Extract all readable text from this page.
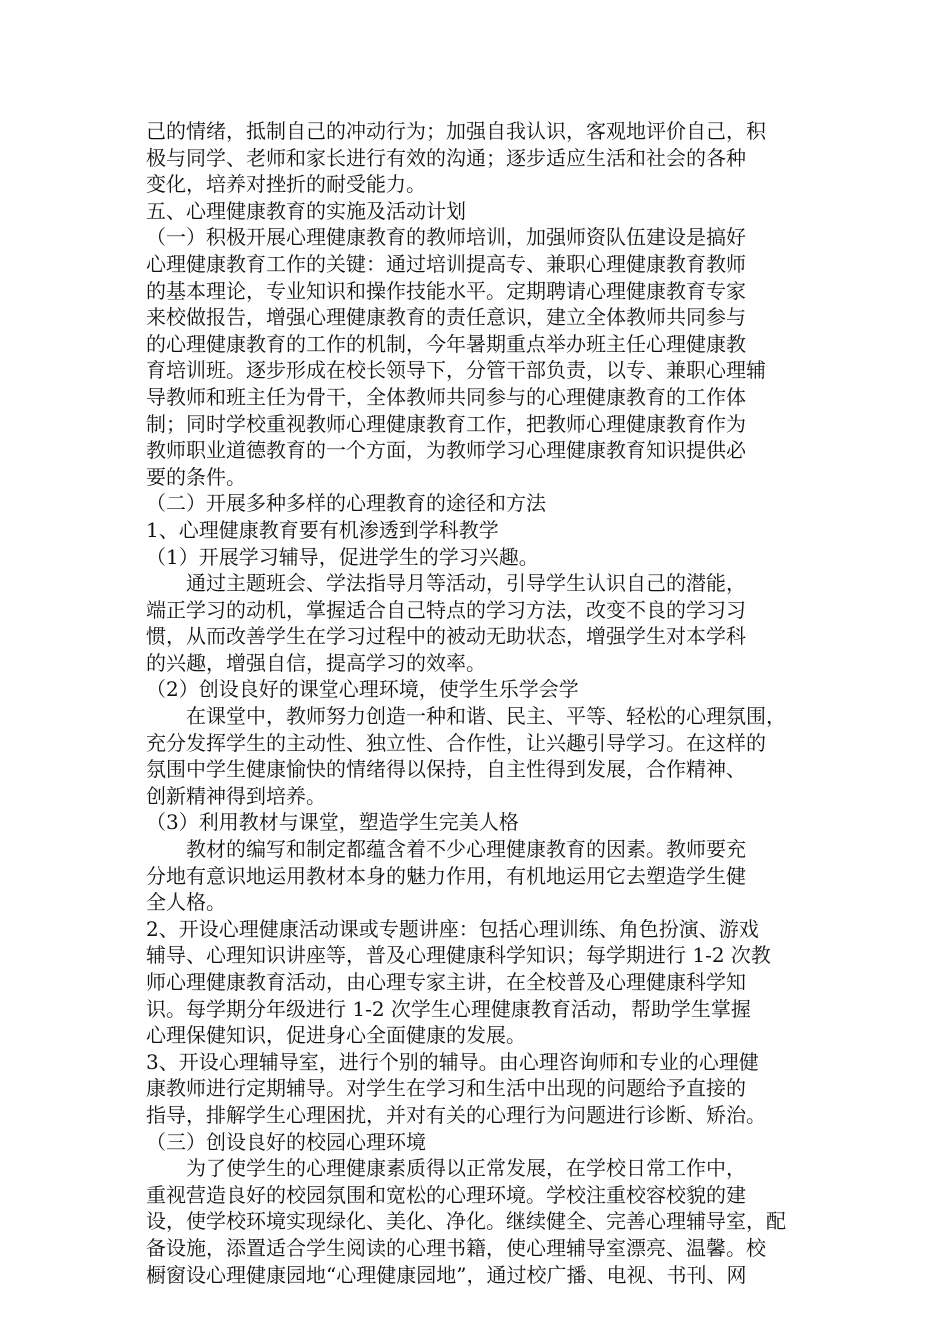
己的情绪，抵制自己的冲动行为；加强自我认识，客观地评价自己，积
极与同学、老师和家长进行有效的沟通；逐步适应生活和社会的各种
变化，培养对挫折的耐受能力。
五、心理健康教育的实施及活动计划
（一）积极开展心理健康教育的教师培训，加强师资队伍建设是搞好
心理健康教育工作的关键：通过培训提高专、兼职心理健康教育教师
的基本理论，专业知识和操作技能水平。定期聘请心理健康教育专家
来校做报告，增强心理健康教育的责任意识，建立全体教师共同参与
的心理健康教育的工作的机制，今年暑期重点举办班主任心理健康教
育培训班。逐步形成在校长领导下，分管干部负责，以专、兼职心理辅
导教师和班主任为骨干，全体教师共同参与的心理健康教育的工作体
制；同时学校重视教师心理健康教育工作，把教师心理健康教育作为
教师职业道德教育的一个方面，为教师学习心理健康教育知识提供必
要的条件。
（二）开展多种多样的心理教育的途径和方法
1、心理健康教育要有机渗透到学科教学
（1）开展学习辅导，促进学生的学习兴趣。
通过主题班会、学法指导月等活动，引导学生认识自己的潜能，
端正学习的动机，掌握适合自己特点的学习方法，改变不良的学习习
惯，从而改善学生在学习过程中的被动无助状态，增强学生对本学科
的兴趣，增强自信，提高学习的效率。
（2）创设良好的课堂心理环境，使学生乐学会学
在课堂中，教师努力创造一种和谐、民主、平等、轻松的心理氛围，
充分发挥学生的主动性、独立性、合作性，让兴趣引导学习。在这样的
氛围中学生健康愉快的情绪得以保持，自主性得到发展，合作精神、
创新精神得到培养。
（3）利用教材与课堂，塑造学生完美人格
教材的编写和制定都蕴含着不少心理健康教育的因素。教师要充
分地有意识地运用教材本身的魅力作用，有机地运用它去塑造学生健
全人格。
2、开设心理健康活动课或专题讲座：包括心理训练、角色扮演、游戏
辅导、心理知识讲座等，普及心理健康科学知识；每学期进行 1-2 次教
师心理健康教育活动，由心理专家主讲，在全校普及心理健康科学知
识。每学期分年级进行 1-2 次学生心理健康教育活动，帮助学生掌握
心理保健知识，促进身心全面健康的发展。
3、开设心理辅导室，进行个别的辅导。由心理咨询师和专业的心理健
康教师进行定期辅导。对学生在学习和生活中出现的问题给予直接的
指导，排解学生心理困扰，并对有关的心理行为问题进行诊断、矫治。
（三）创设良好的校园心理环境
为了使学生的心理健康素质得以正常发展，在学校日常工作中，
重视营造良好的校园氛围和宽松的心理环境。学校注重校容校貌的建
设，使学校环境实现绿化、美化、净化。继续健全、完善心理辅导室，配
备设施，添置适合学生阅读的心理书籍，使心理辅导室漂亮、温馨。校
橱窗设心理健康园地“心理健康园地”，通过校广播、电视、书刊、网
